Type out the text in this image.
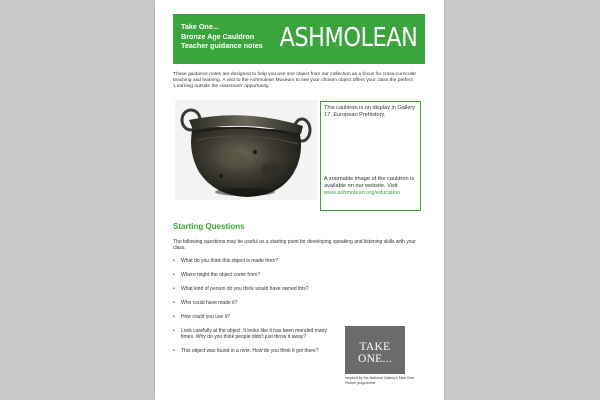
Take One...
Bronze Age Cauldron
Teacher guidance notes ASHMOLEAN
These guidance notes are designed to help you use one object from our collection as a focus for cross-curricular teaching and learning. A visit to the Ashmolean Museum to see your chosen object offers your class the perfect 'Learning outside the classroom' opportunity.
This cauldron is on display in Gallery 17, European Prehistory.
A zoomable image of the cauldron is available on our website. Visit www.ashmolean.org/education
Starting Questions
The following questions may be useful as a starting point for developing speaking and listening skills with your class.
• What do you think this object is made from?
• Where might the object come from?
• What kind of person do you think would have owned this?
• Who could have made it?
• How could you use it?
• Look carefully at the object. It looks like it has been mended many times. Why do you think people didn't just throw it away?
• This object was found in a river. How do you think it got there?	TAKE ONE...
Inspired by the National Gallery's Take One Picture programme
